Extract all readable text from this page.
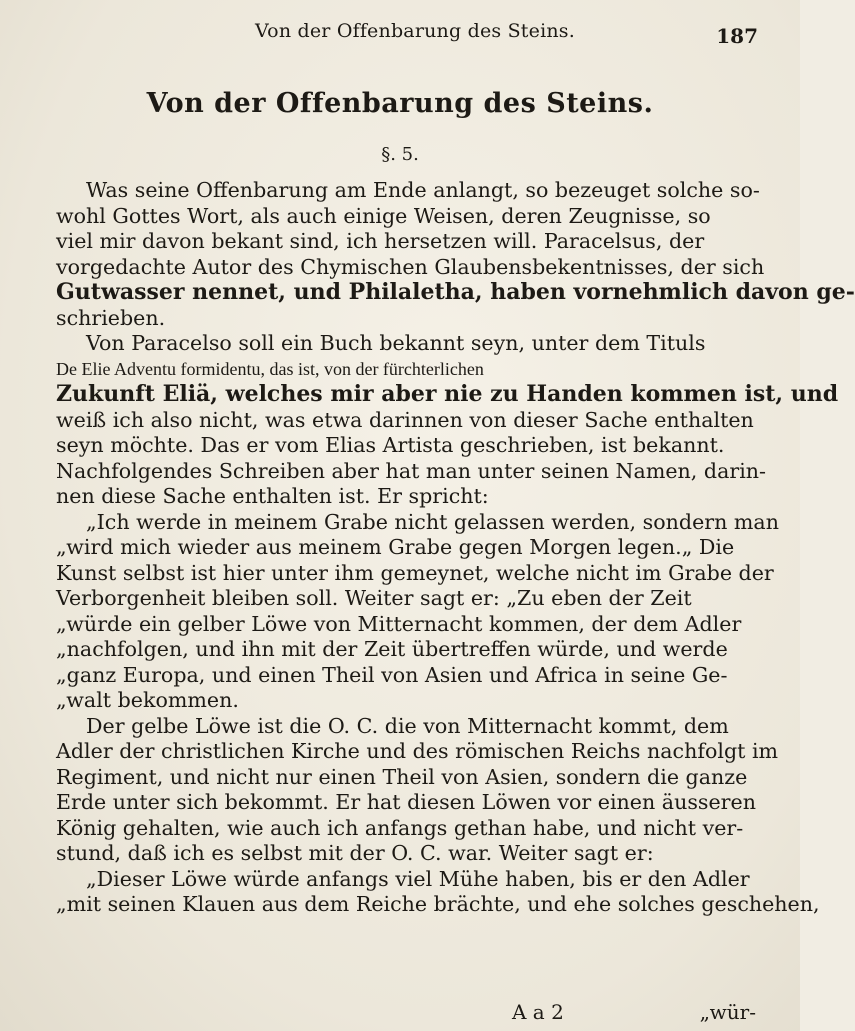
Von der Offenbarung des Steins.	187
Von der Offenbarung des Steins.
§. 5.
Was seine Offenbarung am Ende anlangt, so bezeuget solche so-
wohl Gottes Wort, als auch einige Weisen, deren Zeugnisse, so
viel mir davon bekant sind, ich hersetzen will. Paracelsus, der
vorgedachte Autor des Chymischen Glaubensbekentnisses, der sich
Gutwasser nennet, und Philaletha, haben vornehmlich davon ge-
schrieben.
Von Paracelso soll ein Buch bekannt seyn, unter dem Tituls
De Elie Adventu formidentu, das ist, von der fürchterlichen
Zukunft Eliä, welches mir aber nie zu Handen kommen ist, und
weiß ich also nicht, was etwa darinnen von dieser Sache enthalten
seyn möchte. Das er vom Elias Artista geschrieben, ist bekannt.
Nachfolgendes Schreiben aber hat man unter seinen Namen, darin-
nen diese Sache enthalten ist. Er spricht:
„Ich werde in meinem Grabe nicht gelassen werden, sondern man
„wird mich wieder aus meinem Grabe gegen Morgen legen.„ Die
Kunst selbst ist hier unter ihm gemeynet, welche nicht im Grabe der
Verborgenheit bleiben soll. Weiter sagt er: „Zu eben der Zeit
„würde ein gelber Löwe von Mitternacht kommen, der dem Adler
„nachfolgen, und ihn mit der Zeit übertreffen würde, und werde
„ganz Europa, und einen Theil von Asien und Africa in seine Ge-
„walt bekommen.
Der gelbe Löwe ist die O. C. die von Mitternacht kommt, dem
Adler der christlichen Kirche und des römischen Reichs nachfolgt im
Regiment, und nicht nur einen Theil von Asien, sondern die ganze
Erde unter sich bekommt. Er hat diesen Löwen vor einen äusseren
König gehalten, wie auch ich anfangs gethan habe, und nicht ver-
stund, daß ich es selbst mit der O. C. war. Weiter sagt er:
„Dieser Löwe würde anfangs viel Mühe haben, bis er den Adler
„mit seinen Klauen aus dem Reiche brächte, und ehe solches geschehen,
A a 2	„wür-
